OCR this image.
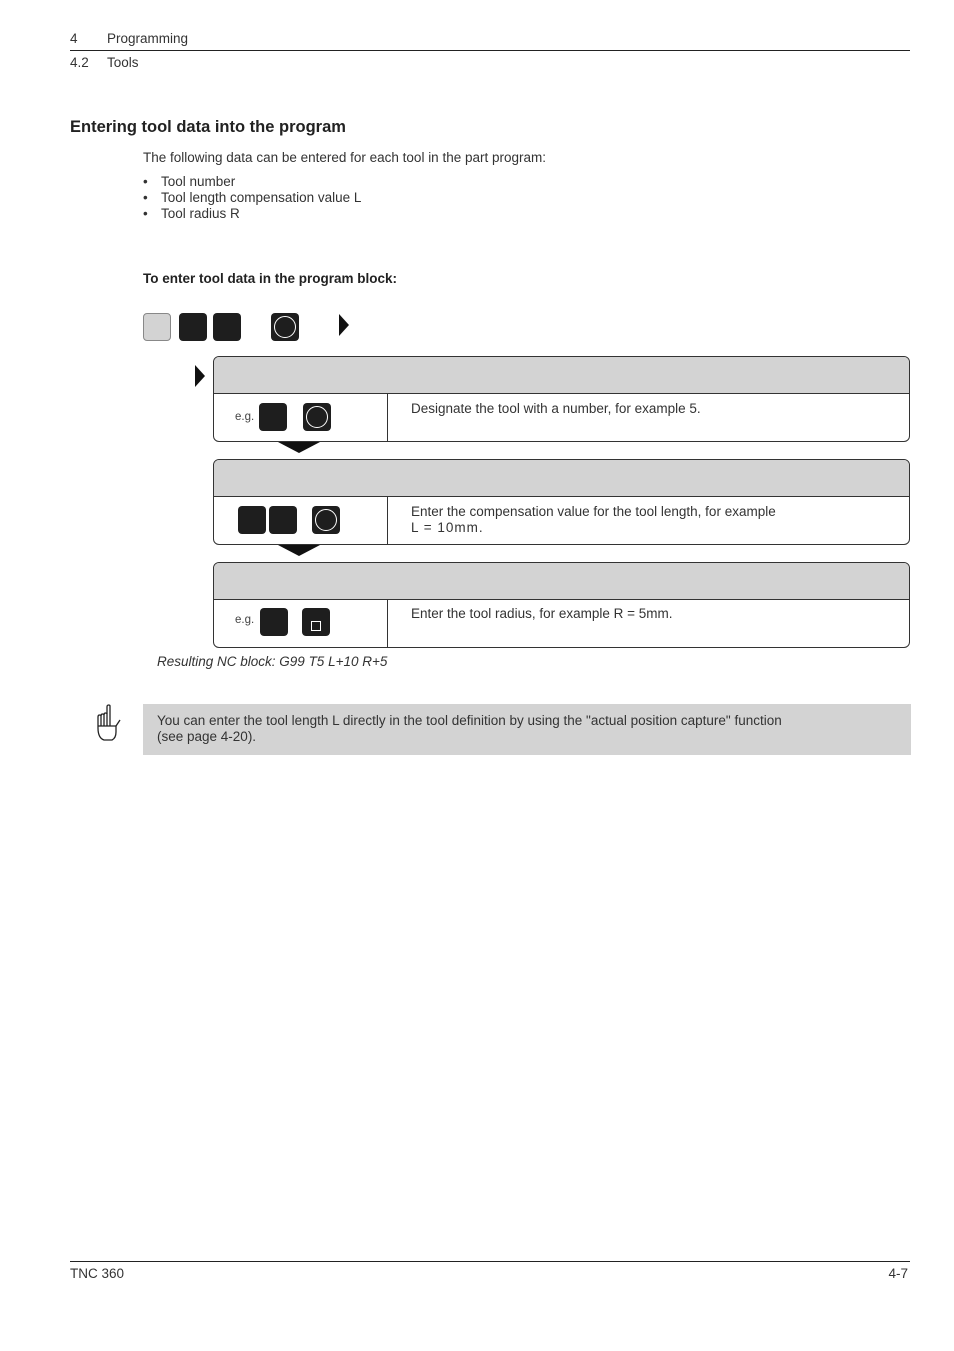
4 Programming
4.2 Tools
Entering tool data into the program
The following data can be entered for each tool in the part program:
• Tool number
• Tool length compensation value L
• Tool radius R
To enter tool data in the program block:
e.g.
Designate the tool with a number, for example 5.
Enter the compensation value for the tool length, for example
L = 10mm.
e.g.	Enter the tool radius, for example R = 5mm.
Resulting NC block: G99 T5 L+10 R+5
You can enter the tool length L directly in the tool definition by using the "actual position capture" function
(see page 4-20).
TNC 360	4-7
